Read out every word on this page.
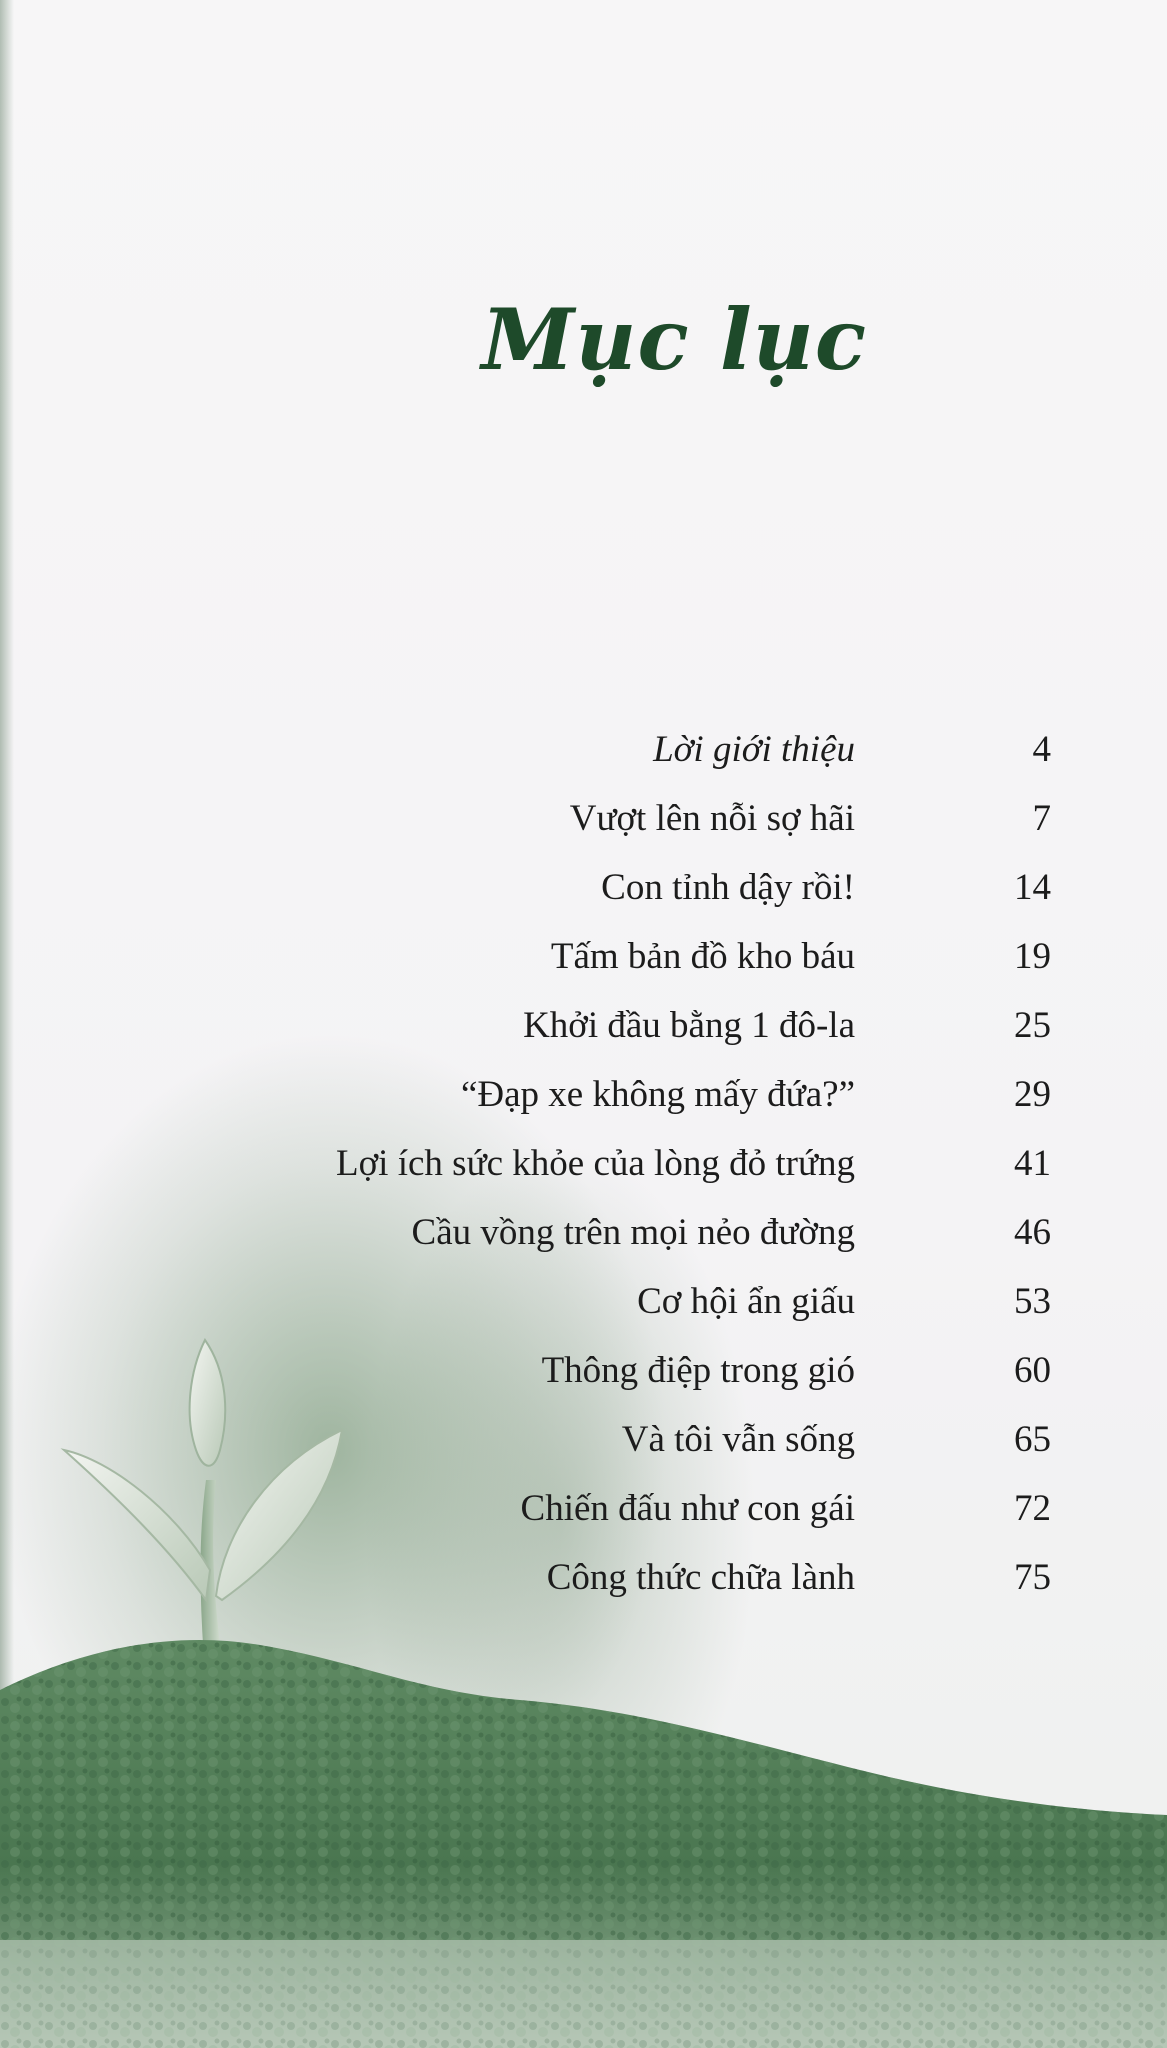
Mục lục
Lời giới thiệu	4
Vượt lên nỗi sợ hãi	7
Con tỉnh dậy rồi!	14
Tấm bản đồ kho báu	19
Khởi đầu bằng 1 đô-la	25
“Đạp xe không mấy đứa?”	29
Lợi ích sức khỏe của lòng đỏ trứng	41
Cầu vồng trên mọi nẻo đường	46
Cơ hội ẩn giấu	53
Thông điệp trong gió	60
Và tôi vẫn sống	65
Chiến đấu như con gái	72
Công thức chữa lành	75
